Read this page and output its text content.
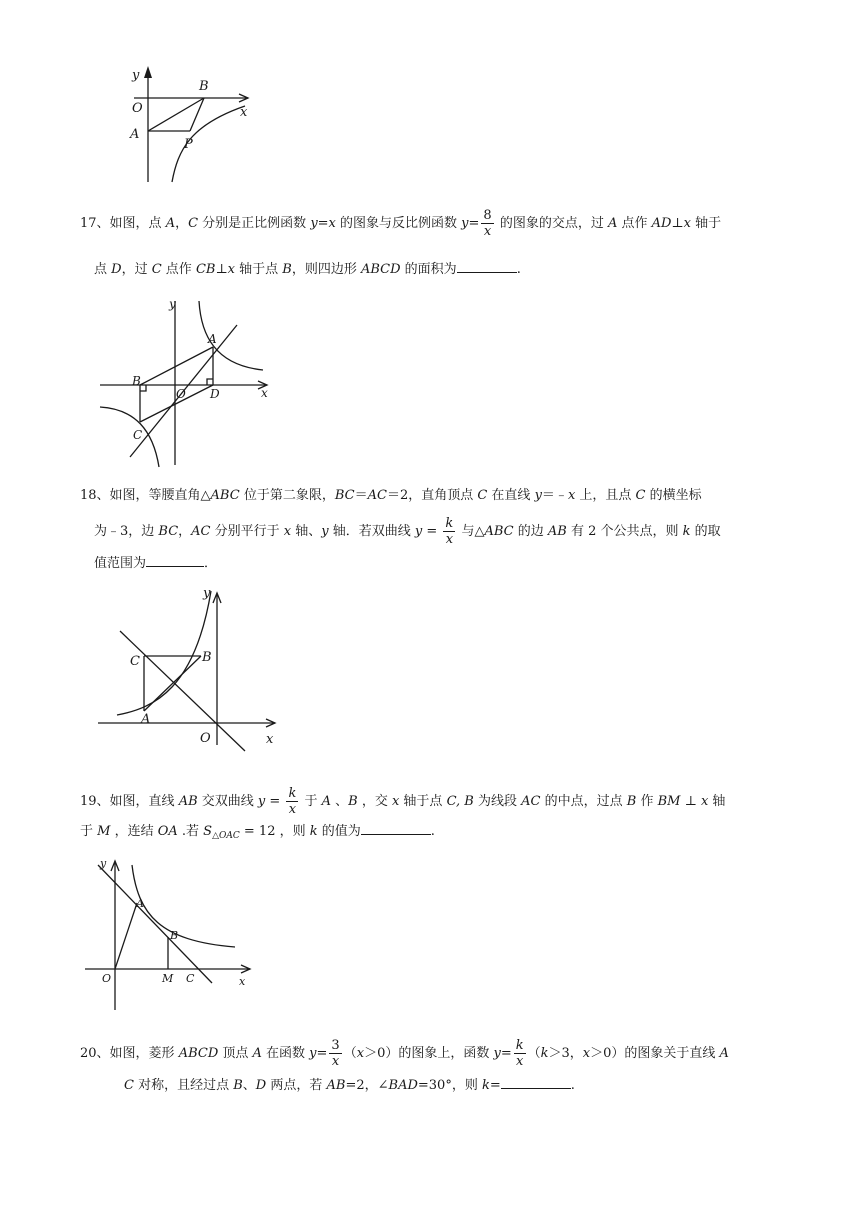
y
O
B
x
A
P
17、如图，点 A，C 分别是正比例函数 y=x 的图象与反比例函数 $y= \frac{8}{x}$ 的图象的交点，过 A 点作 AD⊥x 轴于
点 D，过 C 点作 CB⊥x 轴于点 B，则四边形 ABCD 的面积为	.
y
A
B
O D	x
C
18、如图，等腰直角△ABC 位于第二象限，BC＝AC＝2，直角顶点 C 在直线 y＝﹣x 上，且点 C 的横坐标
为﹣3，边 BC，AC 分别平行于 x 轴、y 轴．若双曲线 $y = \frac{k}{x}$ 与△ABC 的边 AB 有 2 个公共点，则 k 的取
值范围为	．
y
C	B
A
O	x
19、如图，直线 AB 交双曲线 $y = \frac{k}{x}$ 于 A 、B ，交 x 轴于点 C, B 为线段 AC 的中点，过点 B 作 BM ⊥ x 轴
于 M ，连结 OA .若 $S_{\triangle OAC} = 12$ ，则 k 的值为	.
y
A
B
O	M C	x
20、如图，菱形 ABCD 顶点 A 在函数 $y= \frac{3}{x} (x>0)$的图象上，函数 $y= \frac{k}{x} (k>3$，x＞0）的图象关于直线 A
C 对称，且经过点 B、D 两点，若 AB=2，∠BAD=30°，则 k=	.
